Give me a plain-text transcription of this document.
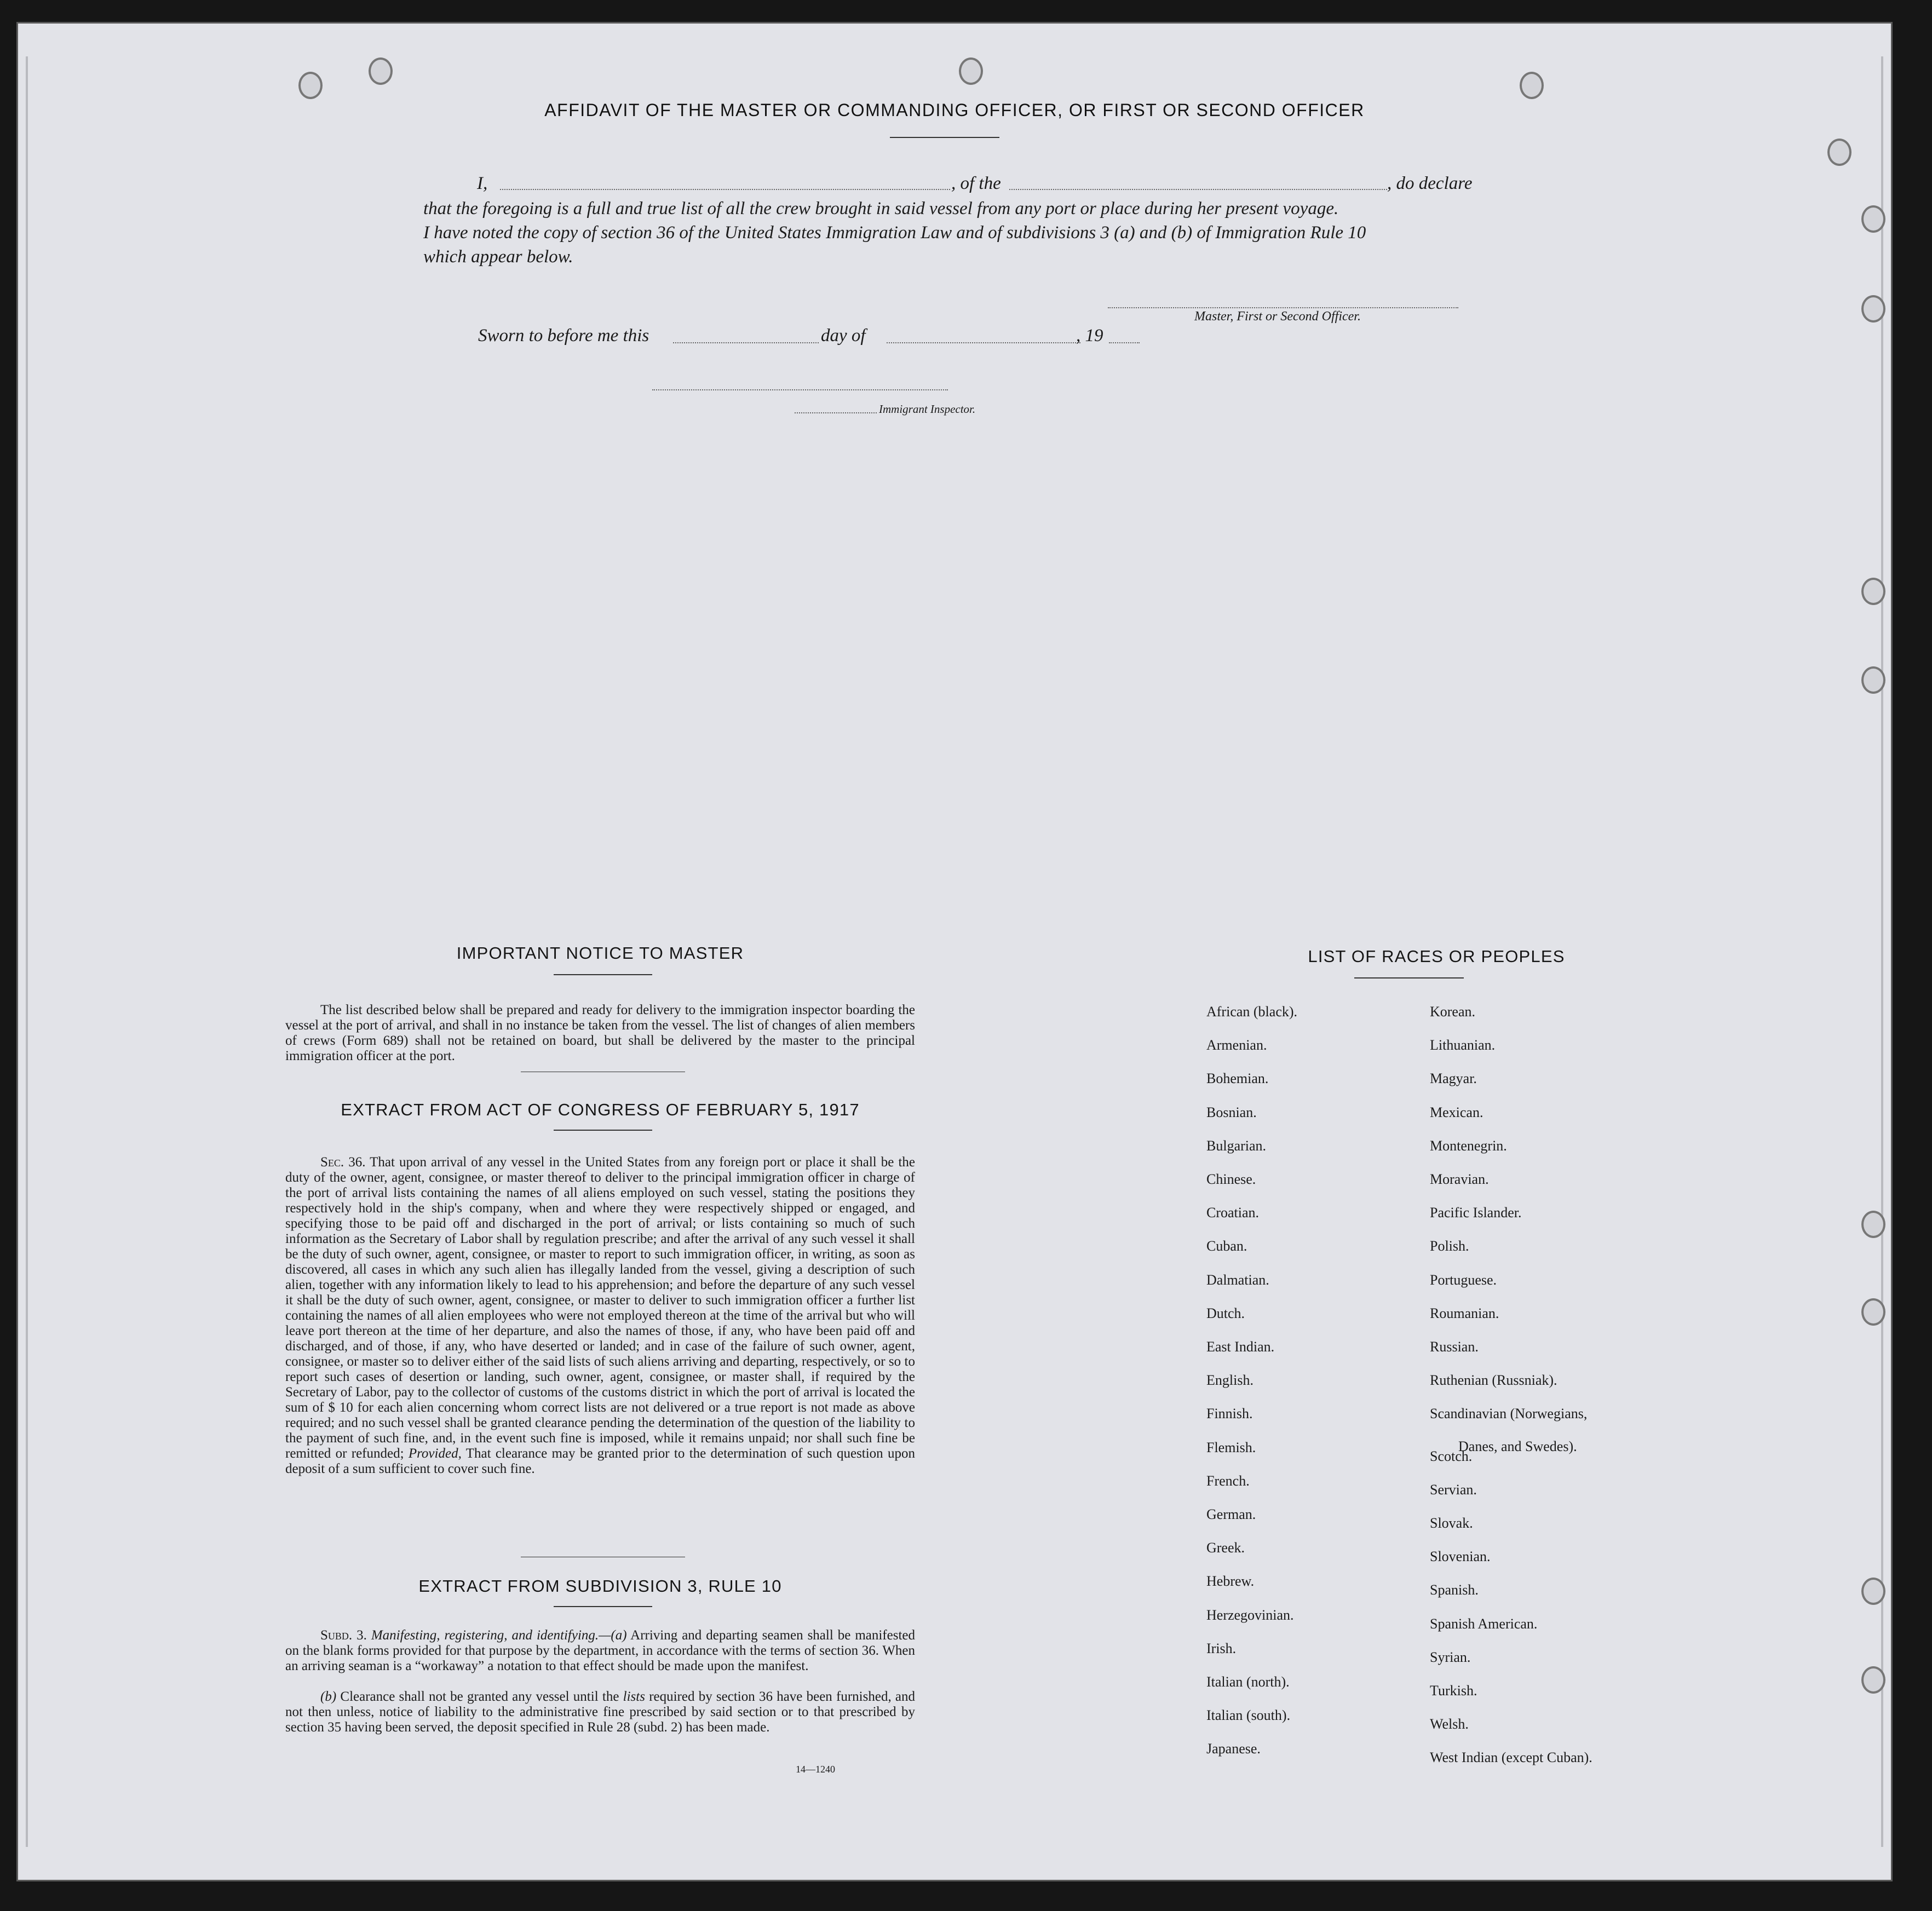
AFFIDAVIT OF THE MASTER OR COMMANDING OFFICER, OR FIRST OR SECOND OFFICER
I,	, of the	, do declare
that the foregoing is a full and true list of all the crew brought in said vessel from any port or place during her present voyage.
I have noted the copy of section 36 of the United States Immigration Law and of subdivisions 3 (a) and (b) of Immigration Rule 10
which appear below.
Master, First or Second Officer.
Sworn to before me this	day of	, 19
Immigrant Inspector.
IMPORTANT NOTICE TO MASTER
The list described below shall be prepared and ready for delivery to the immigration inspector boarding the vessel at the port of arrival, and shall in no instance be taken from the vessel. The list of changes of alien members of crews (Form 689) shall not be retained on board, but shall be delivered by the master to the principal immigration officer at the port.
EXTRACT FROM ACT OF CONGRESS OF FEBRUARY 5, 1917
Sec. 36. That upon arrival of any vessel in the United States from any foreign port or place it shall be the duty of the owner, agent, consignee, or master thereof to deliver to the principal immigration officer in charge of the port of arrival lists containing the names of all aliens employed on such vessel, stating the positions they respectively hold in the ship's company, when and where they were respectively shipped or engaged, and specifying those to be paid off and discharged in the port of arrival; or lists containing so much of such information as the Secretary of Labor shall by regulation prescribe; and after the arrival of any such vessel it shall be the duty of such owner, agent, consignee, or master to report to such immigration officer, in writing, as soon as discovered, all cases in which any such alien has illegally landed from the vessel, giving a description of such alien, together with any information likely to lead to his apprehension; and before the departure of any such vessel it shall be the duty of such owner, agent, consignee, or master to deliver to such immigration officer a further list containing the names of all alien employees who were not employed thereon at the time of the arrival but who will leave port thereon at the time of her departure, and also the names of those, if any, who have been paid off and discharged, and of those, if any, who have deserted or landed; and in case of the failure of such owner, agent, consignee, or master so to deliver either of the said lists of such aliens arriving and departing, respectively, or so to report such cases of desertion or landing, such owner, agent, consignee, or master shall, if required by the Secretary of Labor, pay to the collector of customs of the customs district in which the port of arrival is located the sum of $ 10 for each alien concerning whom correct lists are not delivered or a true report is not made as above required; and no such vessel shall be granted clearance pending the determination of the question of the liability to the payment of such fine, and, in the event such fine is imposed, while it remains unpaid; nor shall such fine be remitted or refunded; Provided, That clearance may be granted prior to the determination of such question upon deposit of a sum sufficient to cover such fine.
EXTRACT FROM SUBDIVISION 3, RULE 10
Subd. 3. Manifesting, registering, and identifying.—(a) Arriving and departing seamen shall be manifested on the blank forms provided for that purpose by the department, in accordance with the terms of section 36. When an arriving seaman is a “workaway” a notation to that effect should be made upon the manifest.
(b) Clearance shall not be granted any vessel until the lists required by section 36 have been furnished, and not then unless, notice of liability to the administrative fine prescribed by said section or to that prescribed by section 35 having been served, the deposit specified in Rule 28 (subd. 2) has been made.
14—1240
LIST OF RACES OR PEOPLES
Danes, and Swedes).
African (black).
Armenian.
Bohemian.
Bosnian.
Bulgarian.
Chinese.
Croatian.
Cuban.
Dalmatian.
Dutch.
East Indian.
English.
Finnish.
Flemish.
French.
German.
Greek.
Hebrew.
Herzegovinian.
Irish.
Italian (north).
Italian (south).
Japanese.
Korean.
Lithuanian.
Magyar.
Mexican.
Montenegrin.
Moravian.
Pacific Islander.
Polish.
Portuguese.
Roumanian.
Russian.
Ruthenian (Russniak).
Scandinavian (Norwegians,
Scotch.
Servian.
Slovak.
Slovenian.
Spanish.
Spanish American.
Syrian.
Turkish.
Welsh.
West Indian (except Cuban).
